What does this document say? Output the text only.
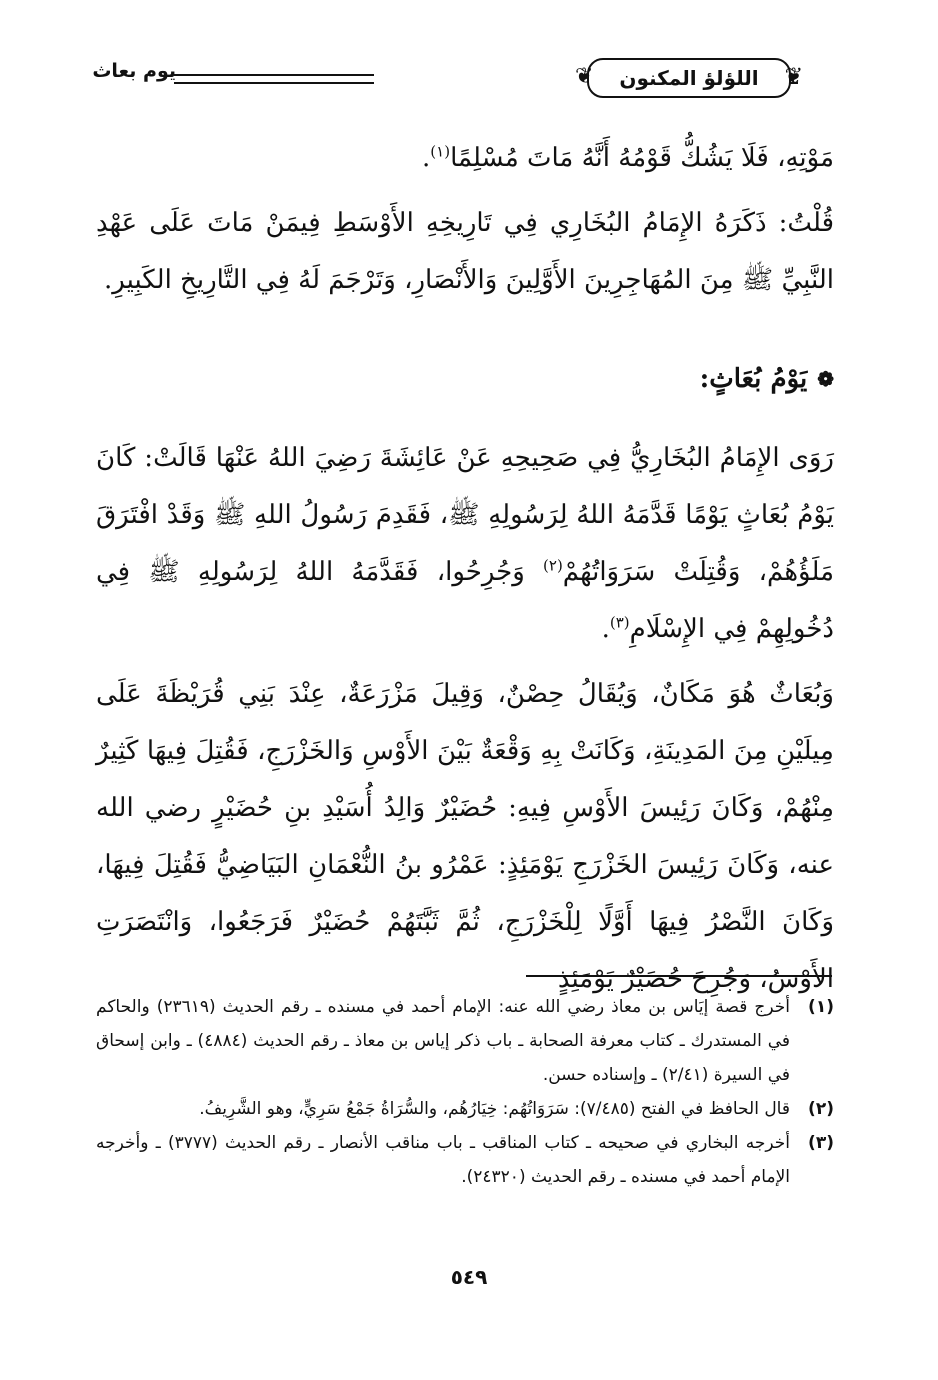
يوم بعاث	❦ اللؤلؤ المكنون ❦

مَوْتِهِ، فَلَا يَشُكُّ قَوْمُهُ أَنَّهُ مَاتَ مُسْلِمًا$^{(١)}$.

قُلْتُ: ذَكَرَهُ الإِمَامُ البُخَارِي فِي تَارِيخِهِ الأَوْسَطِ فِيمَنْ مَاتَ عَلَى عَهْدِ النَّبِيِّ ﷺ مِنَ المُهَاجِرِينَ الأَوَّلِينَ وَالأَنْصَارِ، وَتَرْجَمَ لَهُ فِي التَّارِيخِ الكَبِيرِ.

❁
يَوْمُ بُعَاثٍ:

رَوَى الإِمَامُ البُخَارِيُّ فِي صَحِيحِهِ عَنْ عَائِشَةَ رَضِيَ اللهُ عَنْهَا قَالَتْ: كَانَ يَوْمُ بُعَاثٍ يَوْمًا قَدَّمَهُ اللهُ لِرَسُولِهِ ﷺ، فَقَدِمَ رَسُولُ اللهِ ﷺ وَقَدْ افْتَرَقَ مَلَؤُهُمْ، وَقُتِلَتْ سَرَوَاتُهُمْ$^{(٢)}$ وَجُرِحُوا، فَقَدَّمَهُ اللهُ لِرَسُولِهِ ﷺ فِي دُخُولِهِمْ فِي الإِسْلَامِ$^{(٣)}$.

وَبُعَاثٌ هُوَ مَكَانٌ، وَيُقَالُ حِصْنٌ، وَقِيلَ مَزْرَعَةٌ، عِنْدَ بَنِي قُرَيْظَةَ عَلَى مِيلَيْنِ مِنَ المَدِينَةِ، وَكَانَتْ بِهِ وَقْعَةٌ بَيْنَ الأَوْسِ وَالخَزْرَجِ، فَقُتِلَ فِيهَا كَثِيرٌ مِنْهُمْ، وَكَانَ رَئِيسَ الأَوْسِ فِيهِ: حُضَيْرٌ وَالِدُ أُسَيْدِ بنِ حُضَيْرٍ رضي الله عنه، وَكَانَ رَئِيسَ الخَزْرَجِ يَوْمَئِذٍ: عَمْرُو بنُ النُّعْمَانِ البَيَاضِيُّ فَقُتِلَ فِيهَا، وَكَانَ النَّصْرُ فِيهَا أَوَّلًا لِلْخَزْرَجِ، ثُمَّ ثَبَّتَهُمْ حُضَيْرٌ فَرَجَعُوا، وَانْتَصَرَتِ الأَوْسُ، وَجُرِحَ حُضَيْرٌ يَوْمَئِذٍ

(١)
أخرج قصة إيَاس بن معاذ رضي الله عنه: الإمام أحمد في مسنده ـ رقم الحديث (٢٣٦١٩) والحاكم في المستدرك ـ كتاب معرفة الصحابة ـ باب ذكر إياس بن معاذ ـ رقم الحديث (٤٨٨٤) ـ وابن إسحاق في السيرة (٢/٤١) ـ وإسناده حسن.
(٢)
قال الحافظ في الفتح (٧/٤٨٥): سَرَوَاتُهُم: خِيَارُهُم، والسُّرَاةُ جَمْعُ سَرِيٍّ، وهو الشَّرِيفُ.
(٣)
أخرجه البخاري في صحيحه ـ كتاب المناقب ـ باب مناقب الأنصار ـ رقم الحديث (٣٧٧٧) ـ وأخرجه الإمام أحمد في مسنده ـ رقم الحديث (٢٤٣٢٠).
٥٤٩
